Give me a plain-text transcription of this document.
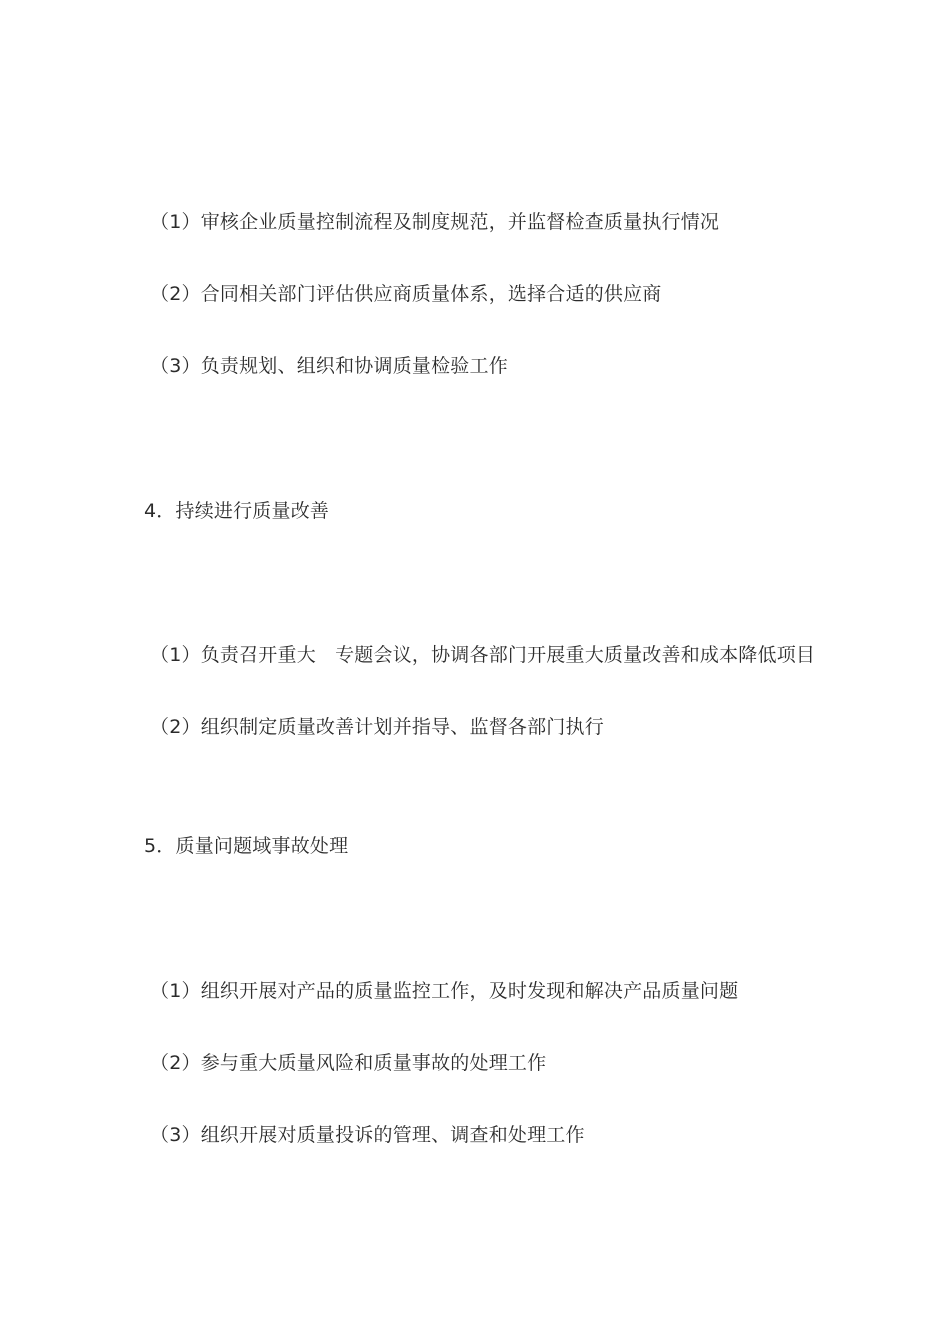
（1）审核企业质量控制流程及制度规范，并监督检查质量执行情况
（2）合同相关部门评估供应商质量体系，选择合适的供应商
（3）负责规划、组织和协调质量检验工作
4．持续进行质量改善
（1）负责召开重大　专题会议，协调各部门开展重大质量改善和成本降低项目
（2）组织制定质量改善计划并指导、监督各部门执行
5．质量问题域事故处理
（1）组织开展对产品的质量监控工作，及时发现和解决产品质量问题
（2）参与重大质量风险和质量事故的处理工作
（3）组织开展对质量投诉的管理、调查和处理工作
